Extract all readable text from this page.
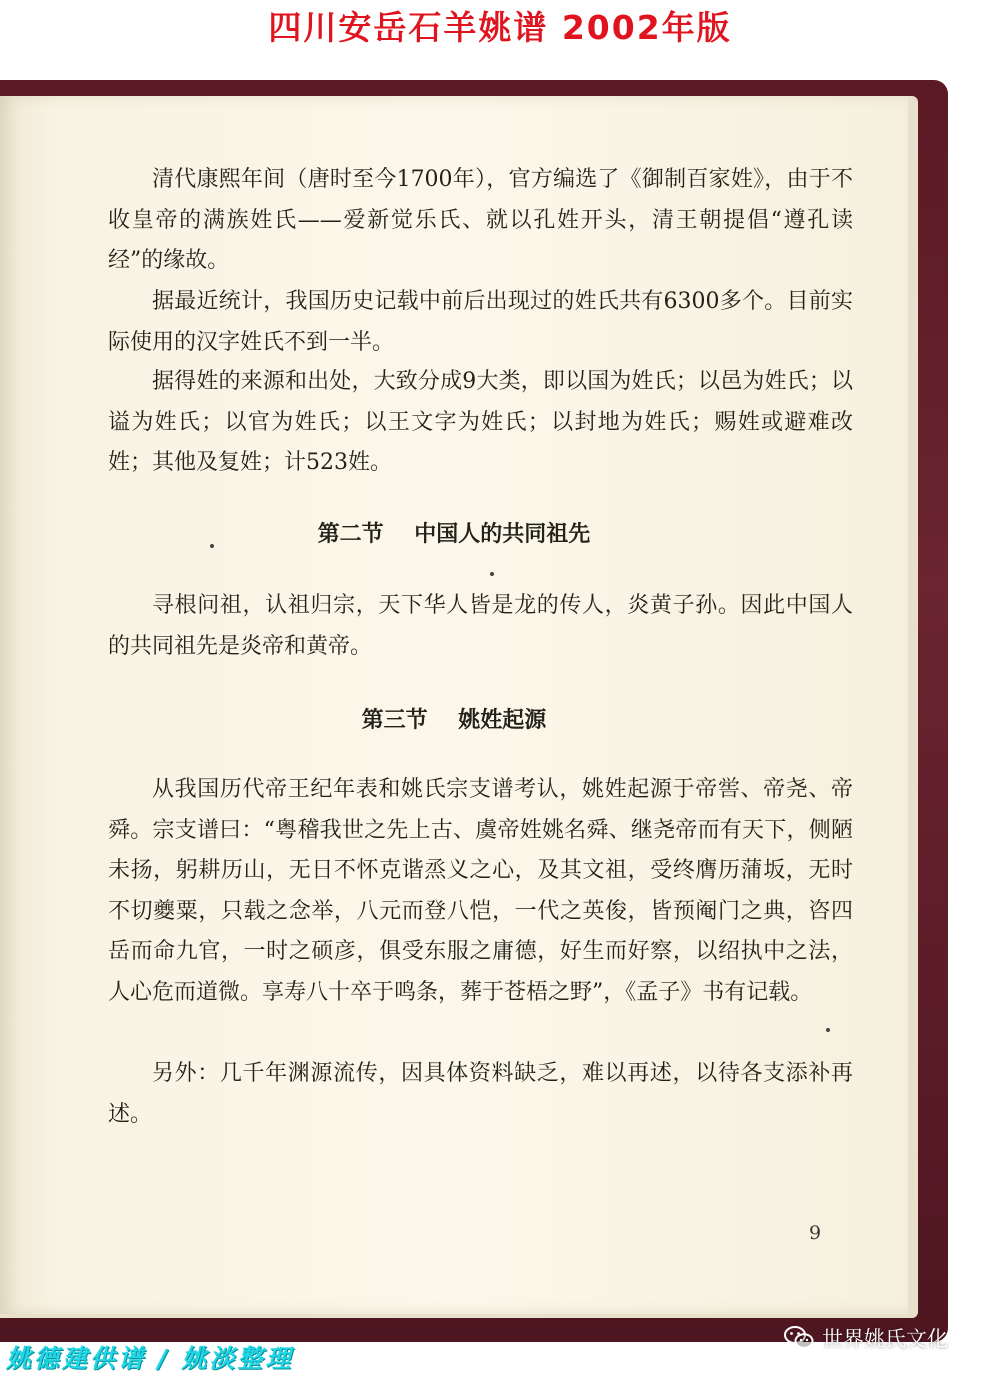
四川安岳石羊姚谱 2002年版

清代康熙年间（唐时至今1700年），官方编选了《御制百家姓》，由于不收皇帝的满族姓氏——爱新觉乐氏、就以孔姓开头，清王朝提倡“遵孔读经”的缘故。

据最近统计，我国历史记载中前后出现过的姓氏共有6300多个。目前实际使用的汉字姓氏不到一半。

据得姓的来源和出处，大致分成9大类，即以国为姓氏；以邑为姓氏；以谥为姓氏；以官为姓氏；以王文字为姓氏；以封地为姓氏；赐姓或避难改姓；其他及复姓；计523姓。

第二节    中国人的共同祖先

寻根问祖，认祖归宗，天下华人皆是龙的传人，炎黄子孙。因此中国人的共同祖先是炎帝和黄帝。

第三节    姚姓起源

从我国历代帝王纪年表和姚氏宗支谱考认，姚姓起源于帝喾、帝尧、帝舜。宗支谱曰：“粤稽我世之先上古、虞帝姓姚名舜、继尧帝而有天下，侧陋未扬，躬耕历山，无日不怀克谐烝义之心，及其文祖，受终膺历蒲坂，无时不切夔粟，只载之念举，八元而登八恺，一代之英俊，皆预阉门之典，咨四岳而命九官，一时之硕彦，俱受东服之庸德，好生而好察，以绍执中之法，人心危而道微。享寿八十卒于鸣条，葬于苍梧之野”，《孟子》书有记载。

另外：几千年渊源流传，因具体资料缺乏，难以再述，以待各支添补再述。

9
姚德建供谱 / 姚淡整理
世界姚氏文化
